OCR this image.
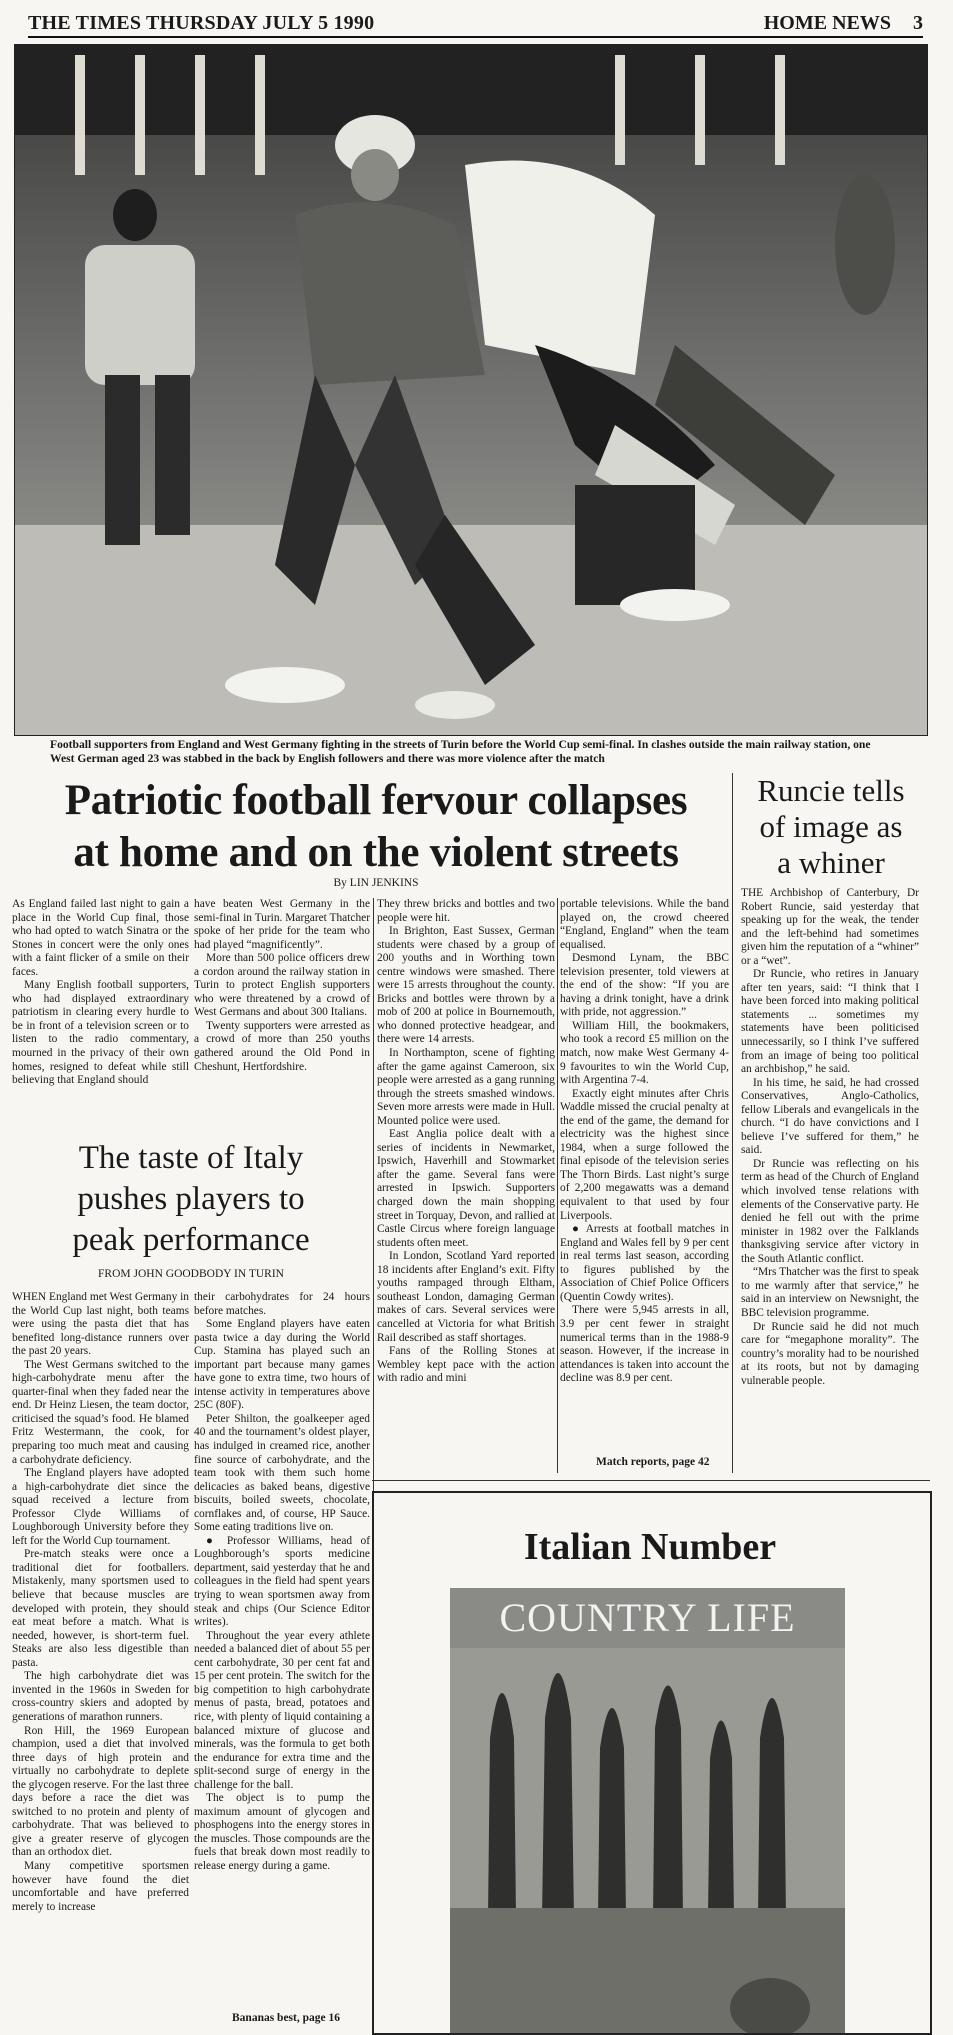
THE TIMES THURSDAY JULY 5 1990	HOME NEWS 3
Football supporters from England and West Germany fighting in the streets of Turin before the World Cup semi-final. In clashes outside the main railway station, one West German aged 23 was stabbed in the back by English followers and there was more violence after the match
Patriotic football fervour collapses
at home and on the violent streets
By LIN JENKINS

As England failed last night to gain a place in the World Cup final, those who had opted to watch Sinatra or the Stones in concert were the only ones with a faint flicker of a smile on their faces.

Many English football supporters, who had displayed extraordinary patriotism in clearing every hurdle to be in front of a television screen or to listen to the radio commentary, mourned in the privacy of their own homes, resigned to defeat while still believing that England should

have beaten West Germany in the semi-final in Turin. Margaret Thatcher spoke of her pride for the team who had played “magnificently”.

More than 500 police officers drew a cordon around the railway station in Turin to protect English supporters who were threatened by a crowd of West Germans and about 300 Italians.

Twenty supporters were arrested as a crowd of more than 250 youths gathered around the Old Pond in Cheshunt, Hertfordshire.

They threw bricks and bottles and two people were hit.

In Brighton, East Sussex, German students were chased by a group of 200 youths and in Worthing town centre windows were smashed. There were 15 arrests throughout the county. Bricks and bottles were thrown by a mob of 200 at police in Bournemouth, who donned protective headgear, and there were 14 arrests.

In Northampton, scene of fighting after the game against Cameroon, six people were arrested as a gang running through the streets smashed windows. Seven more arrests were made in Hull. Mounted police were used.

East Anglia police dealt with a series of incidents in Newmarket, Ipswich, Haverhill and Stowmarket after the game. Several fans were arrested in Ipswich. Supporters charged down the main shopping street in Torquay, Devon, and rallied at Castle Circus where foreign language students often meet.

In London, Scotland Yard reported 18 incidents after England’s exit. Fifty youths rampaged through Eltham, southeast London, damaging German makes of cars. Several services were cancelled at Victoria for what British Rail described as staff shortages.

Fans of the Rolling Stones at Wembley kept pace with the action with radio and mini

portable televisions. While the band played on, the crowd cheered “England, England” when the team equalised.

Desmond Lynam, the BBC television presenter, told viewers at the end of the show: “If you are having a drink tonight, have a drink with pride, not aggression.”

William Hill, the bookmakers, who took a record £5 million on the match, now make West Germany 4-9 favourites to win the World Cup, with Argentina 7-4.

Exactly eight minutes after Chris Waddle missed the crucial penalty at the end of the game, the demand for electricity was the highest since 1984, when a surge followed the final episode of the television series The Thorn Birds. Last night’s surge of 2,200 megawatts was a demand equivalent to that used by four Liverpools.

● Arrests at football matches in England and Wales fell by 9 per cent in real terms last season, according to figures published by the Association of Chief Police Officers (Quentin Cowdy writes).

There were 5,945 arrests in all, 3.9 per cent fewer in straight numerical terms than in the 1988-9 season. However, if the increase in attendances is taken into account the decline was 8.9 per cent.

Match reports, page 42
The taste of Italy
pushes players to
peak performance
FROM JOHN GOODBODY IN TURIN

WHEN England met West Germany in the World Cup last night, both teams were using the pasta diet that has benefited long-distance runners over the past 20 years.

The West Germans switched to the high-carbohydrate menu after the quarter-final when they faded near the end. Dr Heinz Liesen, the team doctor, criticised the squad’s food. He blamed Fritz Westermann, the cook, for preparing too much meat and causing a carbohydrate deficiency.

The England players have adopted a high-carbohydrate diet since the squad received a lecture from Professor Clyde Williams of Loughborough University before they left for the World Cup tournament.

Pre-match steaks were once a traditional diet for footballers. Mistakenly, many sportsmen used to believe that because muscles are developed with protein, they should eat meat before a match. What is needed, however, is short-term fuel. Steaks are also less digestible than pasta.

The high carbohydrate diet was invented in the 1960s in Sweden for cross-country skiers and adopted by generations of marathon runners.

Ron Hill, the 1969 European champion, used a diet that involved three days of high protein and virtually no carbohydrate to deplete the glycogen reserve. For the last three days before a race the diet was switched to no protein and plenty of carbohydrate. That was believed to give a greater reserve of glycogen than an orthodox diet.

Many competitive sportsmen however have found the diet uncomfortable and have preferred merely to increase

their carbohydrates for 24 hours before matches.

Some England players have eaten pasta twice a day during the World Cup. Stamina has played such an important part because many games have gone to extra time, two hours of intense activity in temperatures above 25C (80F).

Peter Shilton, the goalkeeper aged 40 and the tournament’s oldest player, has indulged in creamed rice, another fine source of carbohydrate, and the team took with them such home delicacies as baked beans, digestive biscuits, boiled sweets, chocolate, cornflakes and, of course, HP Sauce. Some eating traditions live on.

● Professor Williams, head of Loughborough’s sports medicine department, said yesterday that he and colleagues in the field had spent years trying to wean sportsmen away from steak and chips (Our Science Editor writes).

Throughout the year every athlete needed a balanced diet of about 55 per cent carbohydrate, 30 per cent fat and 15 per cent protein. The switch for the big competition to high carbohydrate menus of pasta, bread, potatoes and rice, with plenty of liquid containing a balanced mixture of glucose and minerals, was the formula to get both the endurance for extra time and the split-second surge of energy in the challenge for the ball.

The object is to pump the maximum amount of glycogen and phosphogens into the energy stores in the muscles. Those compounds are the fuels that break down most readily to release energy during a game.

Bananas best, page 16
Runcie tells
of image as
a whiner

THE Archbishop of Canterbury, Dr Robert Runcie, said yesterday that speaking up for the weak, the tender and the left-behind had sometimes given him the reputation of a “whiner” or a “wet”.

Dr Runcie, who retires in January after ten years, said: “I think that I have been forced into making political statements ... sometimes my statements have been politicised unnecessarily, so I think I’ve suffered from an image of being too political an archbishop,” he said.

In his time, he said, he had crossed Conservatives, Anglo-Catholics, fellow Liberals and evangelicals in the church. “I do have convictions and I believe I’ve suffered for them,” he said.

Dr Runcie was reflecting on his term as head of the Church of England which involved tense relations with elements of the Conservative party. He denied he fell out with the prime minister in 1982 over the Falklands thanksgiving service after victory in the South Atlantic conflict.

“Mrs Thatcher was the first to speak to me warmly after that service,” he said in an interview on Newsnight, the BBC television programme.

Dr Runcie said he did not much care for “megaphone morality”. The country’s morality had to be nourished at its roots, but not by damaging vulnerable people.

Italian Number
COUNTRY LIFE
